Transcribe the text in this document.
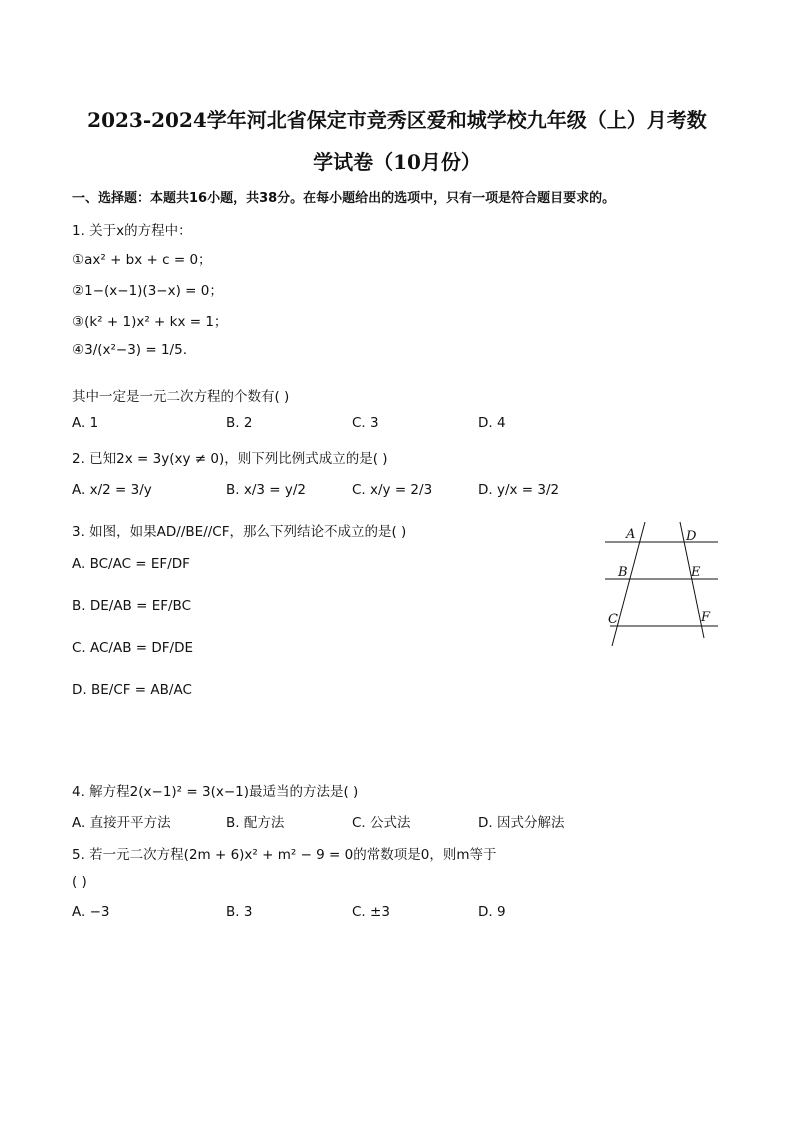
2023-2024学年河北省保定市竞秀区爱和城学校九年级（上）月考数
学试卷（10月份）
一、选择题：本题共16小题，共38分。在每小题给出的选项中，只有一项是符合题目要求的。
1. 关于x的方程中：
①ax² + bx + c = 0；
②1−(x−1)(3−x) = 0；
③(k² + 1)x² + kx = 1；
④3/(x²−3) = 1/5.
其中一定是一元二次方程的个数有( )
A. 1	B. 2	C. 3	D. 4
2. 已知2x = 3y(xy ≠ 0)，则下列比例式成立的是( )
A. x/2 = 3/y	B. x/3 = y/2	C. x/y = 2/3	D. y/x = 3/2
3. 如图，如果AD//BE//CF，那么下列结论不成立的是( )
A. BC/AC = EF/DF
B. DE/AB = EF/BC
C. AC/AB = DF/DE
D. BE/CF = AB/AC
A	D
B	E
C	F
4. 解方程2(x−1)² = 3(x−1)最适当的方法是( )
A. 直接开平方法	B. 配方法	C. 公式法	D. 因式分解法
5. 若一元二次方程(2m + 6)x² + m² − 9 = 0的常数项是0，则m等于
( )
A. −3	B. 3	C. ±3	D. 9
